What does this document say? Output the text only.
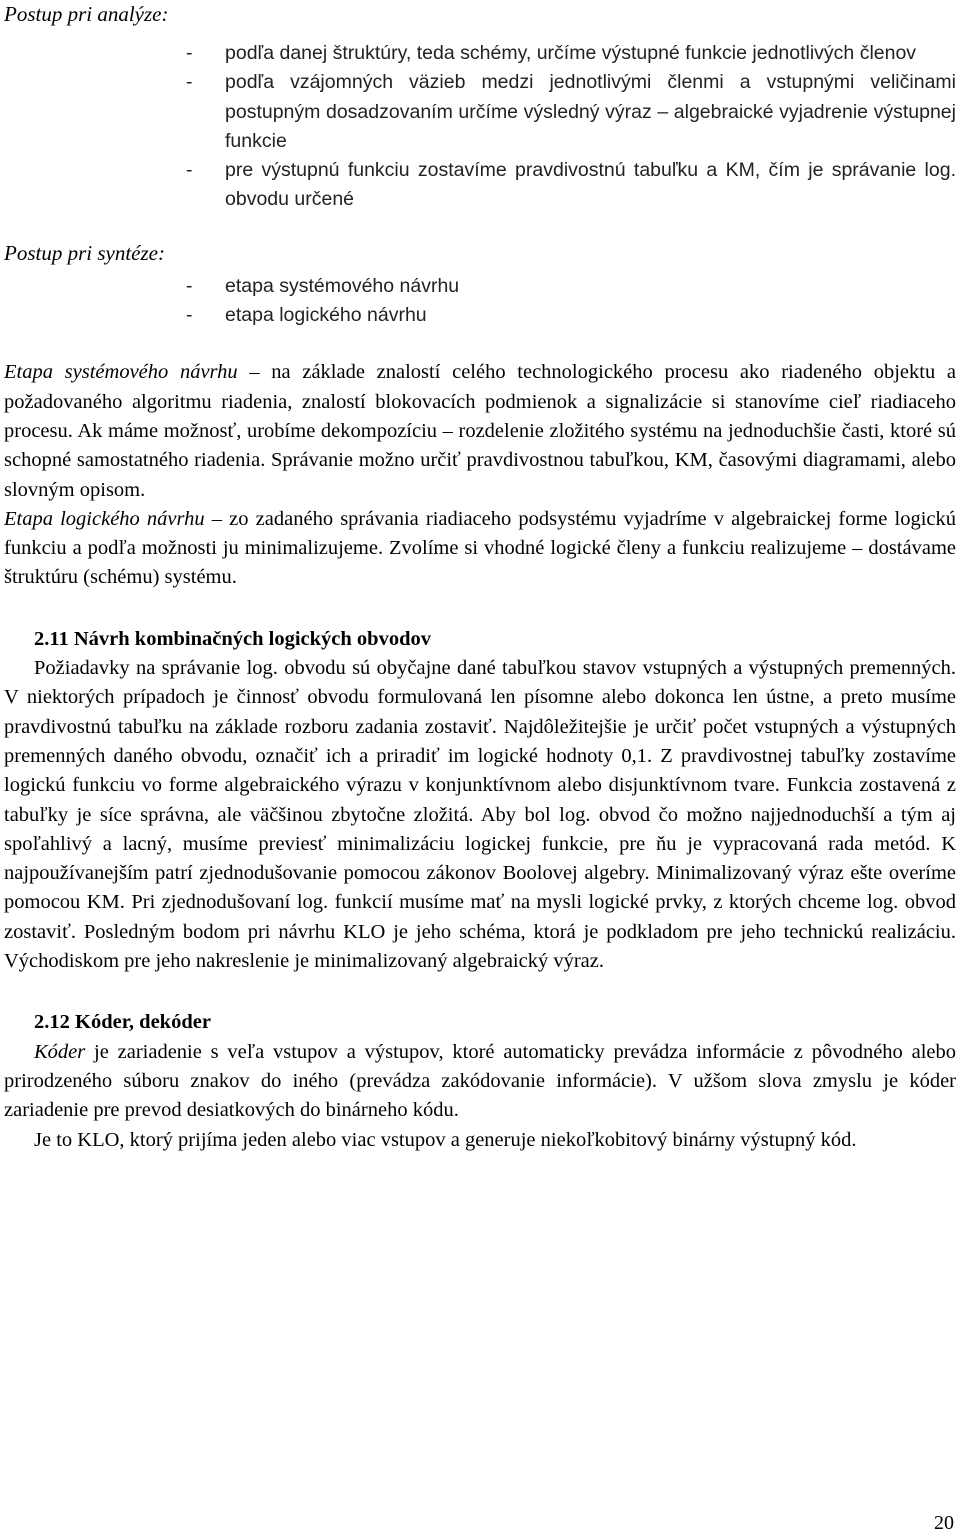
Postup pri analýze:

- podľa danej štruktúry, teda schémy, určíme výstupné funkcie jednotlivých členov
- podľa vzájomných väzieb medzi jednotlivými členmi a vstupnými veličinami postupným dosadzovaním určíme výsledný výraz – algebraické vyjadrenie výstupnej funkcie
- pre výstupnú funkciu zostavíme pravdivostnú tabuľku a KM, čím je správanie log. obvodu určené

Postup pri syntéze:

- etapa systémového návrhu
- etapa logického návrhu

Etapa systémového návrhu – na základe znalostí celého technologického procesu ako riadeného objektu a požadovaného algoritmu riadenia, znalostí blokovacích podmienok a signalizácie si stanovíme cieľ riadiaceho procesu. Ak máme možnosť, urobíme dekompozíciu – rozdelenie zložitého systému na jednoduchšie časti, ktoré sú schopné samostatného riadenia. Správanie možno určiť pravdivostnou tabuľkou, KM, časovými diagramami, alebo slovným opisom.

Etapa logického návrhu – zo zadaného správania riadiaceho podsystému vyjadríme v algebraickej forme logickú funkciu a podľa možnosti ju minimalizujeme. Zvolíme si vhodné logické členy a funkciu realizujeme – dostávame štruktúru (schému) systému.

2.11 Návrh kombinačných logických obvodov

Požiadavky na správanie log. obvodu sú obyčajne dané tabuľkou stavov vstupných a výstupných premenných. V niektorých prípadoch je činnosť obvodu formulovaná len písomne alebo dokonca len ústne, a preto musíme pravdivostnú tabuľku na základe rozboru zadania zostaviť. Najdôležitejšie je určiť počet vstupných a výstupných premenných daného obvodu, označiť ich a priradiť im logické hodnoty 0,1. Z pravdivostnej tabuľky zostavíme logickú funkciu vo forme algebraického výrazu v konjunktívnom alebo disjunktívnom tvare. Funkcia zostavená z tabuľky je síce správna, ale väčšinou zbytočne zložitá. Aby bol log. obvod čo možno najjednoduchší a tým aj spoľahlivý a lacný, musíme previesť minimalizáciu logickej funkcie, pre ňu je vypracovaná rada metód. K najpoužívanejším patrí zjednodušovanie pomocou zákonov Boolovej algebry. Minimalizovaný výraz ešte overíme pomocou KM. Pri zjednodušovaní log. funkcií musíme mať na mysli logické prvky, z ktorých chceme log. obvod zostaviť. Posledným bodom pri návrhu KLO je jeho schéma, ktorá je podkladom pre jeho technickú realizáciu. Východiskom pre jeho nakreslenie je minimalizovaný algebraický výraz.

2.12 Kóder, dekóder

Kóder je zariadenie s veľa vstupov a výstupov, ktoré automaticky prevádza informácie z pôvodného alebo prirodzeného súboru znakov do iného (prevádza zakódovanie informácie). V užšom slova zmyslu je kóder zariadenie pre prevod desiatkových do binárneho kódu.

Je to KLO, ktorý prijíma jeden alebo viac vstupov a generuje niekoľkobitový binárny výstupný kód.

20
